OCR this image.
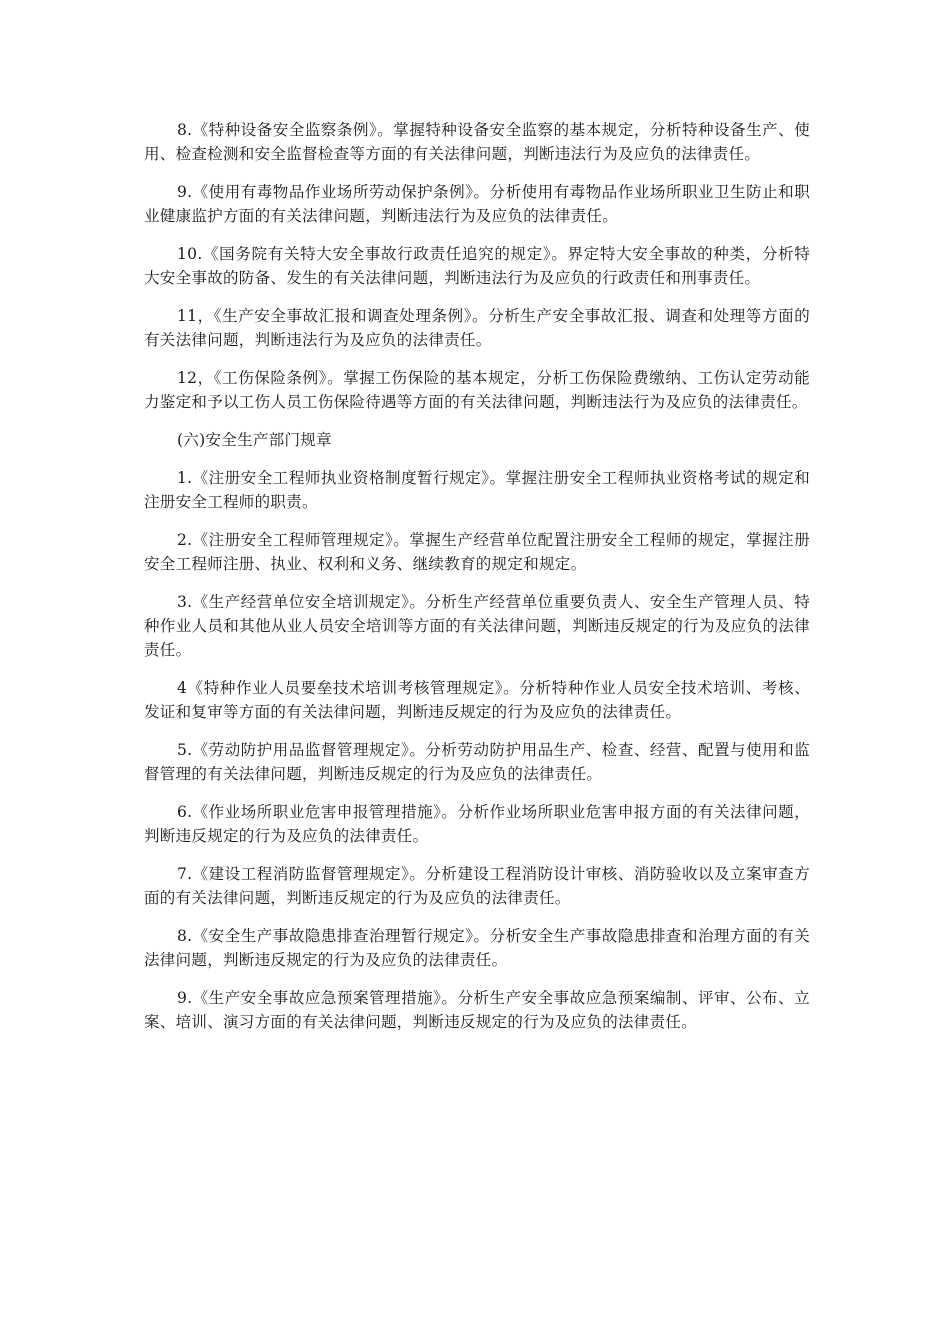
8.《特种设备安全监察条例》。掌握特种设备安全监察的基本规定，分析特种设备生产、使用、检查检测和安全监督检查等方面的有关法律问题，判断违法行为及应负的法律责任。

9.《使用有毒物品作业场所劳动保护条例》。分析使用有毒物品作业场所职业卫生防止和职业健康监护方面的有关法律问题，判断违法行为及应负的法律责任。

10.《国务院有关特大安全事故行政责任追究的规定》。界定特大安全事故的种类，分析特大安全事故的防备、发生的有关法律问题，判断违法行为及应负的行政责任和刑事责任。

11，《生产安全事故汇报和调查处理条例》。分析生产安全事故汇报、调查和处理等方面的有关法律问题，判断违法行为及应负的法律责任。

12，《工伤保险条例》。掌握工伤保险的基本规定，分析工伤保险费缴纳、工伤认定劳动能力鉴定和予以工伤人员工伤保险待遇等方面的有关法律问题，判断违法行为及应负的法律责任。

(六)安全生产部门规章

1.《注册安全工程师执业资格制度暂行规定》。掌握注册安全工程师执业资格考试的规定和注册安全工程师的职责。

2.《注册安全工程师管理规定》。掌握生产经营单位配置注册安全工程师的规定，掌握注册安全工程师注册、执业、权利和义务、继续教育的规定和规定。

3.《生产经营单位安全培训规定》。分析生产经营单位重要负责人、安全生产管理人员、特种作业人员和其他从业人员安全培训等方面的有关法律问题，判断违反规定的行为及应负的法律责任。

4《特种作业人员要垒技术培训考核管理规定》。分析特种作业人员安全技术培训、考核、发证和复审等方面的有关法律问题，判断违反规定的行为及应负的法律责任。

5.《劳动防护用品监督管理规定》。分析劳动防护用品生产、检查、经营、配置与使用和监督管理的有关法律问题，判断违反规定的行为及应负的法律责任。

6.《作业场所职业危害申报管理措施》。分析作业场所职业危害申报方面的有关法律问题，判断违反规定的行为及应负的法律责任。

7.《建设工程消防监督管理规定》。分析建设工程消防设计审核、消防验收以及立案审查方面的有关法律问题，判断违反规定的行为及应负的法律责任。

8.《安全生产事故隐患排查治理暂行规定》。分析安全生产事故隐患排查和治理方面的有关法律问题，判断违反规定的行为及应负的法律责任。

9.《生产安全事故应急预案管理措施》。分析生产安全事故应急预案编制、评审、公布、立案、培训、演习方面的有关法律问题，判断违反规定的行为及应负的法律责任。
